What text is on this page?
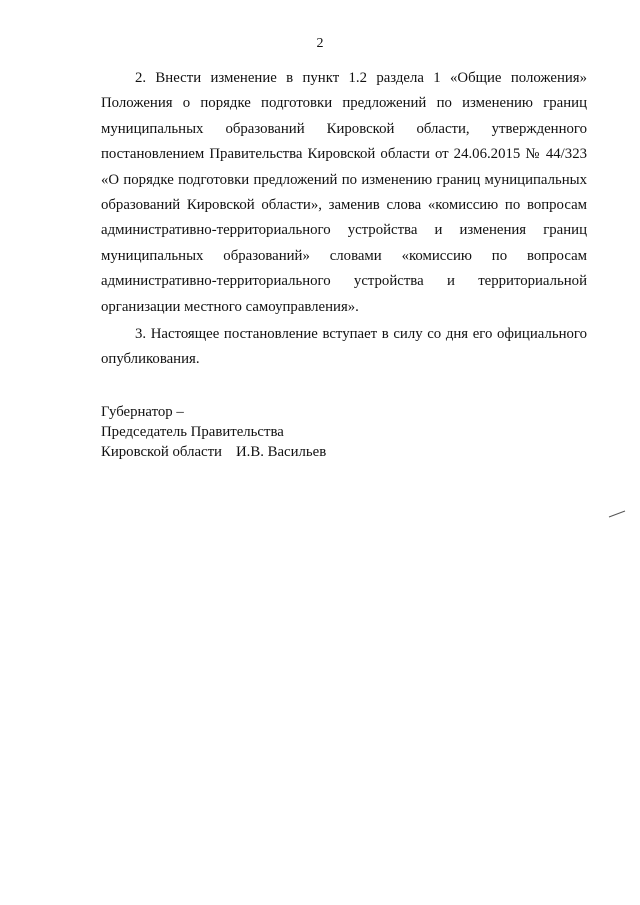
2
2. Внести изменение в пункт 1.2 раздела 1 «Общие положения»
Положения о порядке подготовки предложений по изменению границ
муниципальных образований Кировской области, утвержденного
постановлением Правительства Кировской области от 24.06.2015 № 44/323
«О порядке подготовки предложений по изменению границ муниципальных
образований Кировской области», заменив слова «комиссию по вопросам
административно-территориального устройства и изменения границ
муниципальных образований» словами «комиссию по вопросам
административно-территориального устройства и территориальной
организации местного самоуправления».
3. Настоящее постановление вступает в силу со дня его официального
опубликования.
Губернатор –
Председатель Правительства
Кировской области И.В. Васильев
